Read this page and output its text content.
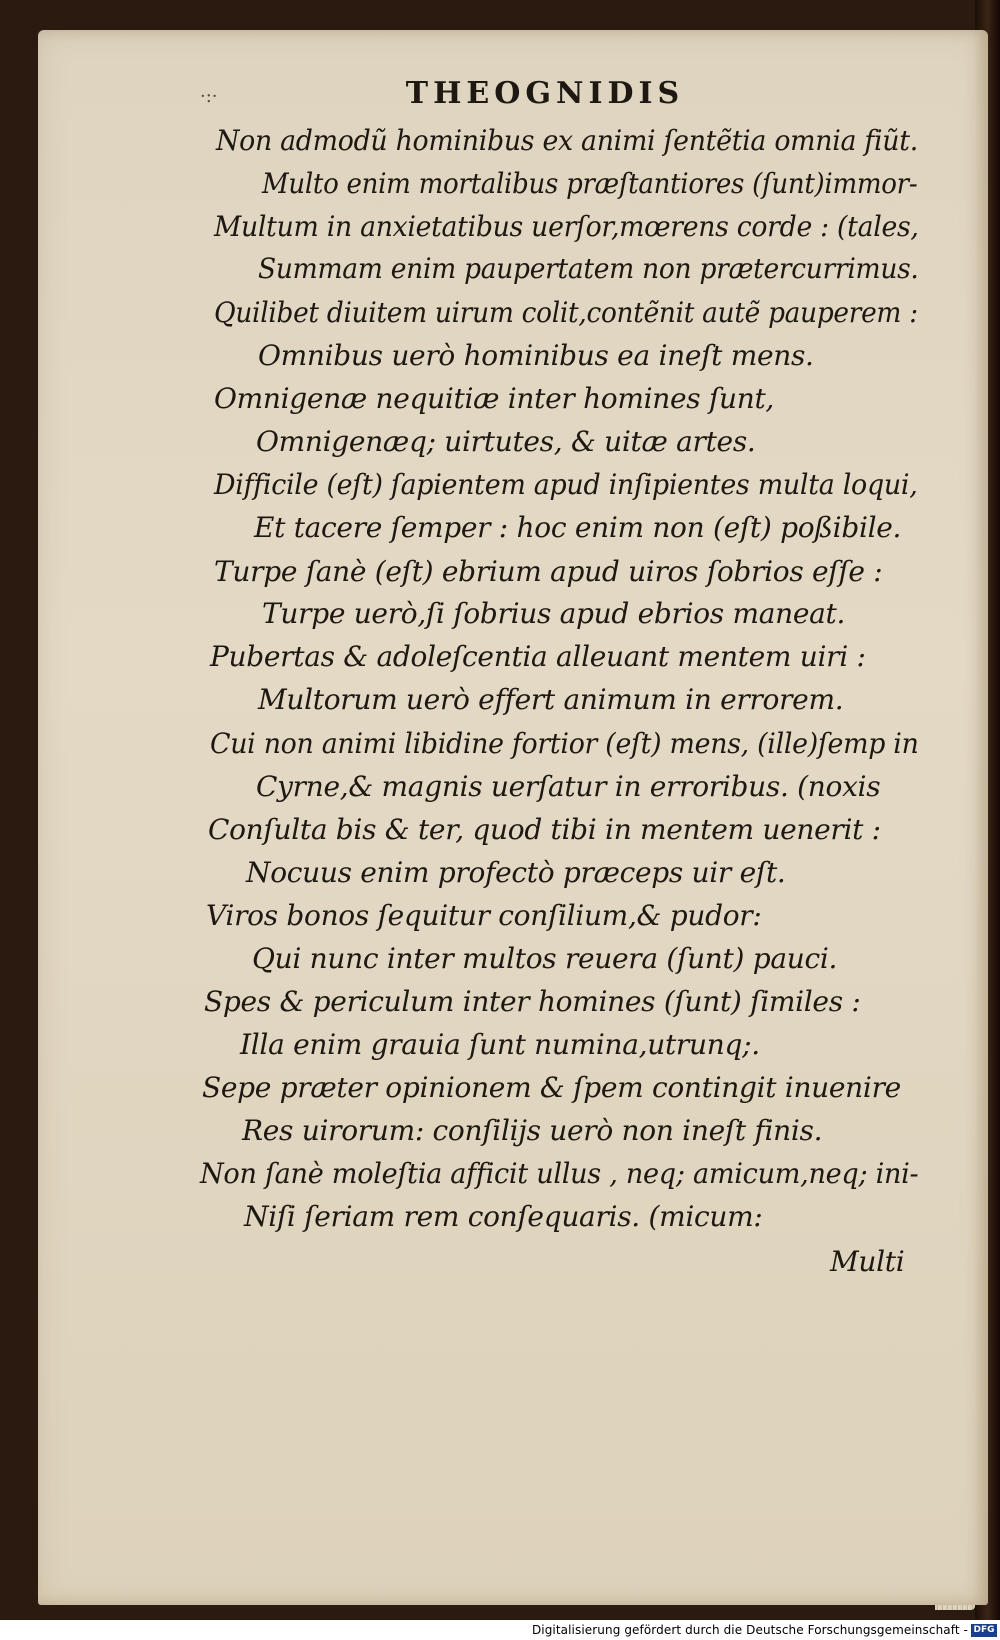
·:·	THEOGNIDIS
Non admodũ hominibus ex animi ſentẽtia omnia fiũt.
Multo enim mortalibus præſtantiores (ſunt)immor-
Multum in anxietatibus uerſor,mœrens corde : (tales,
Summam enim paupertatem non prætercurrimus.
Quilibet diuitem uirum colit,contẽnit autẽ pauperem :
Omnibus uerò hominibus ea ineſt mens.
Omnigenæ nequitiæ inter homines ſunt,
Omnigenæq; uirtutes, & uitæ artes.
Difficile (eſt) ſapientem apud inſipientes multa loqui,
Et tacere ſemper : hoc enim non (eſt) poßibile.
Turpe ſanè (eſt) ebrium apud uiros ſobrios eſſe :
Turpe uerò,ſi ſobrius apud ebrios maneat.
Pubertas & adoleſcentia alleuant mentem uiri :
Multorum uerò effert animum in errorem.
Cui non animi libidine fortior (eſt) mens, (ille)ſemp in
Cyrne,& magnis uerſatur in erroribus. (noxis
Conſulta bis & ter, quod tibi in mentem uenerit :
Nocuus enim profectò præceps uir eſt.
Viros bonos ſequitur conſilium,& pudor:
Qui nunc inter multos reuera (ſunt) pauci.
Spes & periculum inter homines (ſunt) ſimiles :
Illa enim grauia ſunt numina,utrunq;.
Sepe præter opinionem & ſpem contingit inuenire
Res uirorum: conſilijs uerò non ineſt finis.
Non ſanè moleſtia afficit ullus , neq; amicum,neq; ini-
Niſi ſeriam rem conſequaris. (micum:
Multi
Digitalisierung gefördert durch die Deutsche Forschungsgemeinschaft - DFG
